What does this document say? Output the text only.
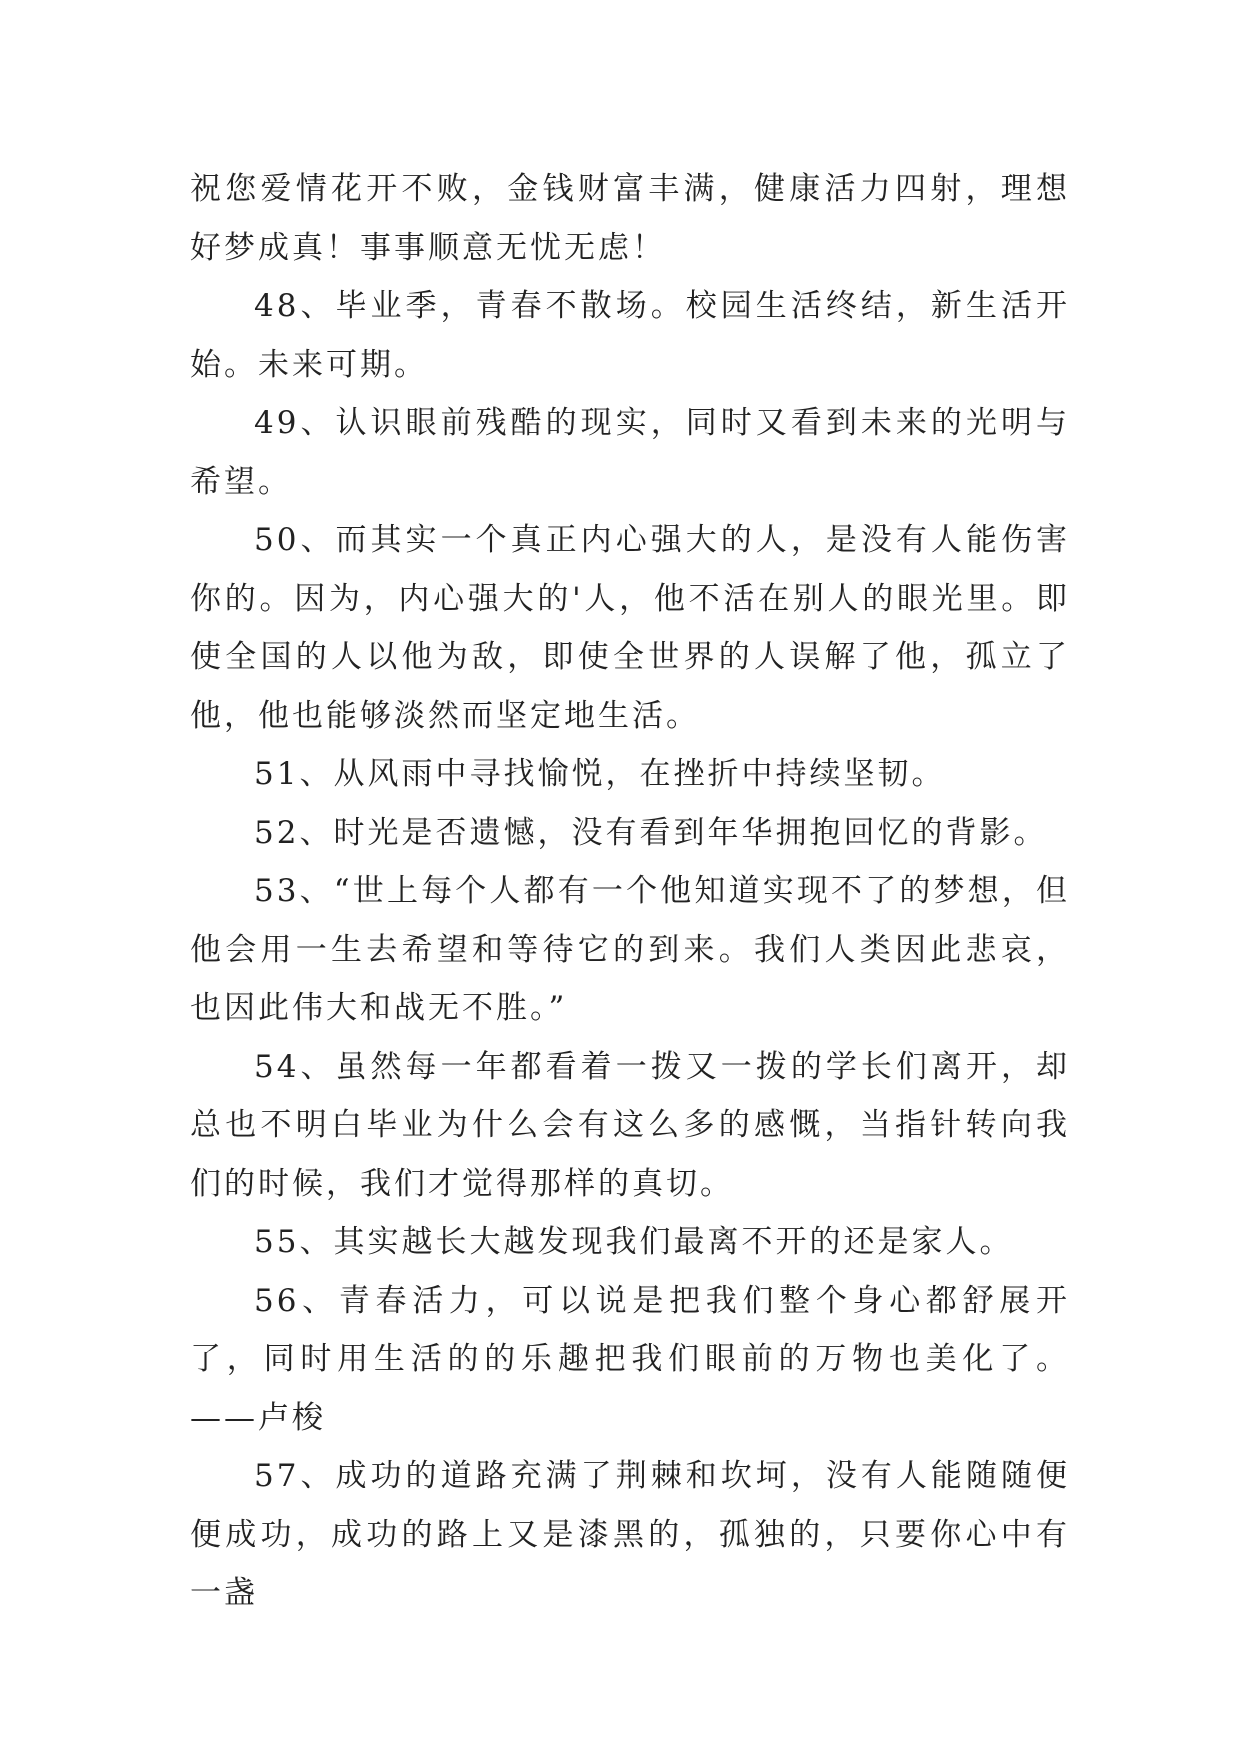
祝您爱情花开不败，金钱财富丰满，健康活力四射，理想好梦成真！事事顺意无忧无虑！

48、毕业季，青春不散场。校园生活终结，新生活开始。未来可期。

49、认识眼前残酷的现实，同时又看到未来的光明与希望。

50、而其实一个真正内心强大的人，是没有人能伤害你的。因为，内心强大的'人，他不活在别人的眼光里。即使全国的人以他为敌，即使全世界的人误解了他，孤立了他，他也能够淡然而坚定地生活。

51、从风雨中寻找愉悦，在挫折中持续坚韧。

52、时光是否遗憾，没有看到年华拥抱回忆的背影。

53、“世上每个人都有一个他知道实现不了的梦想，但他会用一生去希望和等待它的到来。我们人类因此悲哀，也因此伟大和战无不胜。”

54、虽然每一年都看着一拨又一拨的学长们离开，却总也不明白毕业为什么会有这么多的感慨，当指针转向我们的时候，我们才觉得那样的真切。

55、其实越长大越发现我们最离不开的还是家人。

56、青春活力，可以说是把我们整个身心都舒展开了，同时用生活的的乐趣把我们眼前的万物也美化了。 ——卢梭

57、成功的道路充满了荆棘和坎坷，没有人能随随便便成功，成功的路上又是漆黑的，孤独的，只要你心中有一盏
